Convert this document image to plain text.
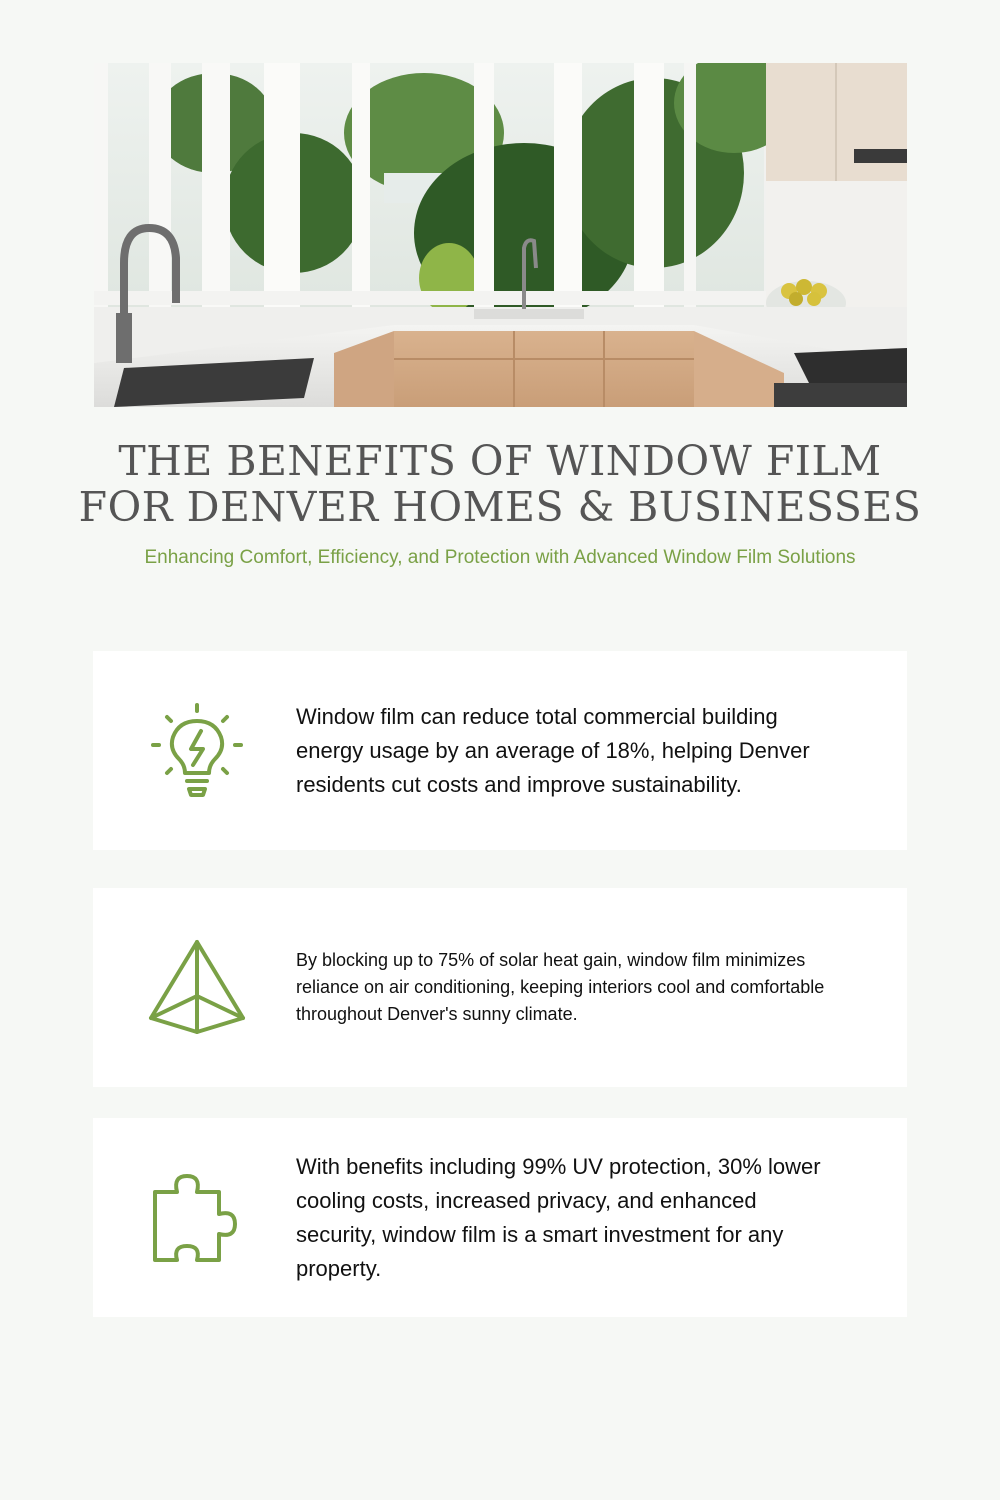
THE BENEFITS OF WINDOW FILM
FOR DENVER HOMES & BUSINESSES

Enhancing Comfort, Efficiency, and Protection with Advanced Window Film Solutions

Window film can reduce total commercial building energy usage by an average of 18%, helping Denver residents cut costs and improve sustainability.

By blocking up to 75% of solar heat gain, window film minimizes reliance on air conditioning, keeping interiors cool and comfortable throughout Denver's sunny climate.

With benefits including 99% UV protection, 30% lower cooling costs, increased privacy, and enhanced security, window film is a smart investment for any property.
